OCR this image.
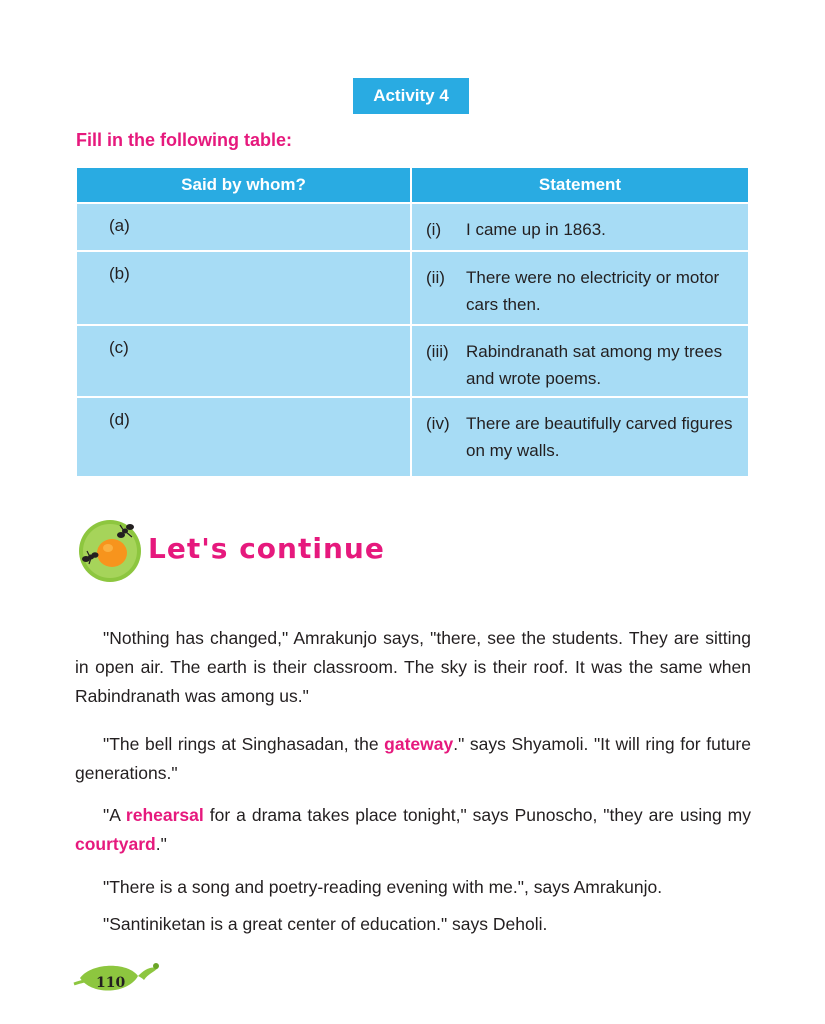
Activity 4
Fill in the following table:
Said by whom?	Statement

(a)	(i) I came up in 1863.

(b)	(ii) There were no electricity or motor cars then.

(c)	(iii) Rabindranath sat among my trees and wrote poems.

(d)	(iv) There are beautifully carved figures on my walls.
Let's continue

"Nothing has changed," Amrakunjo says, "there, see the students. They are sitting in open air. The earth is their classroom. The sky is their roof. It was the same when Rabindranath was among us."

"The bell rings at Singhasadan, the gateway." says Shyamoli. "It will ring for future generations."

"A rehearsal for a drama takes place tonight," says Punoscho, "they are using my courtyard."

"There is a song and poetry-reading evening with me.", says Amrakunjo.

"Santiniketan is a great center of education." says Deholi.

110
